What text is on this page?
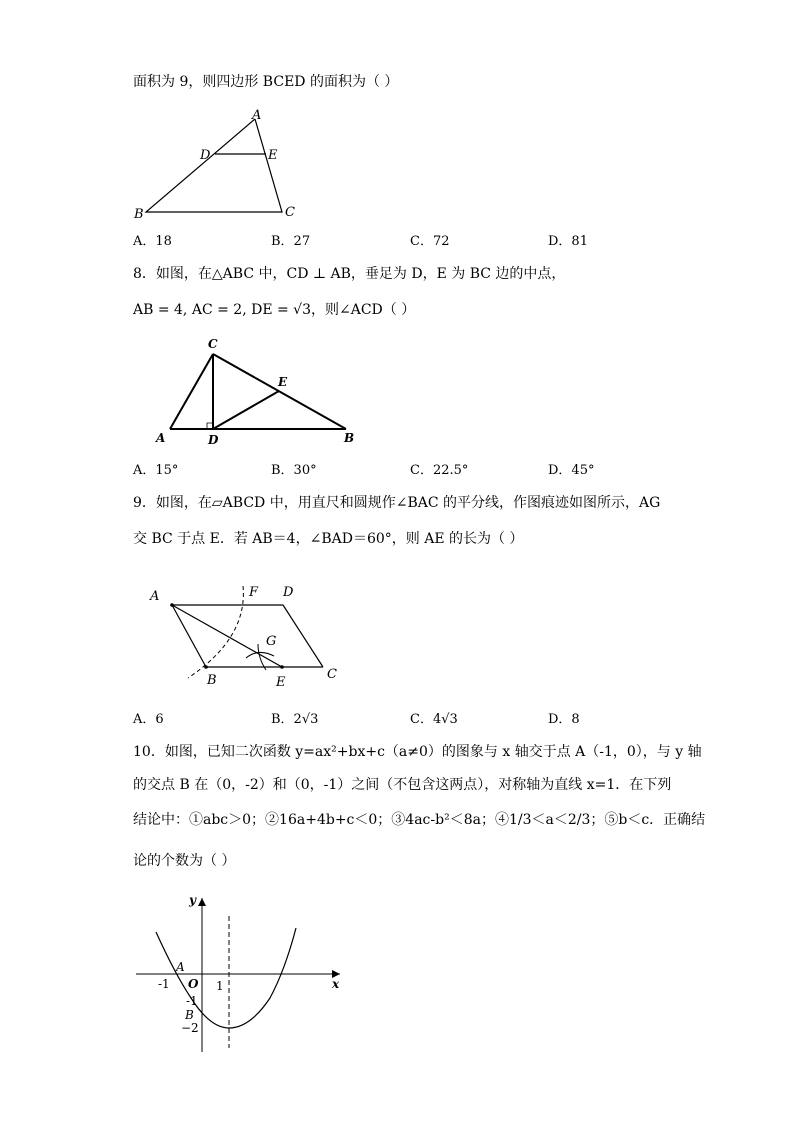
面积为 9，则四边形 BCED 的面积为（ ）
A
D	E
B	C
A．18	B．27	C．72	D．81
8．如图，在△ABC 中，CD ⊥ AB，垂足为 D，E 为 BC 边的中点，
AB = 4, AC = 2, DE = √3，则∠ACD（ ）
C
E
A	D	B
A．15°	B．30°	C．22.5°	D．45°
9．如图，在▱ABCD 中，用直尺和圆规作∠BAC 的平分线，作图痕迹如图所示，AG
交 BC 于点 E．若 AB＝4，∠BAD＝60°，则 AE 的长为（ ）
A	F D
G
C
B	E
A．6	B．2√3	C．4√3	D．8
10．如图，已知二次函数 y=ax²+bx+c（a≠0）的图象与 x 轴交于点 A（-1，0），与 y 轴
的交点 B 在（0，-2）和（0，-1）之间（不包含这两点），对称轴为直线 x=1．在下列
结论中：①abc＞0；②16a+4b+c＜0；③4ac-b²＜8a；④1/3＜a＜2/3；⑤b＜c．正确结
论的个数为（ ）
y
x
A
-1 O 1
-1
B
−2
